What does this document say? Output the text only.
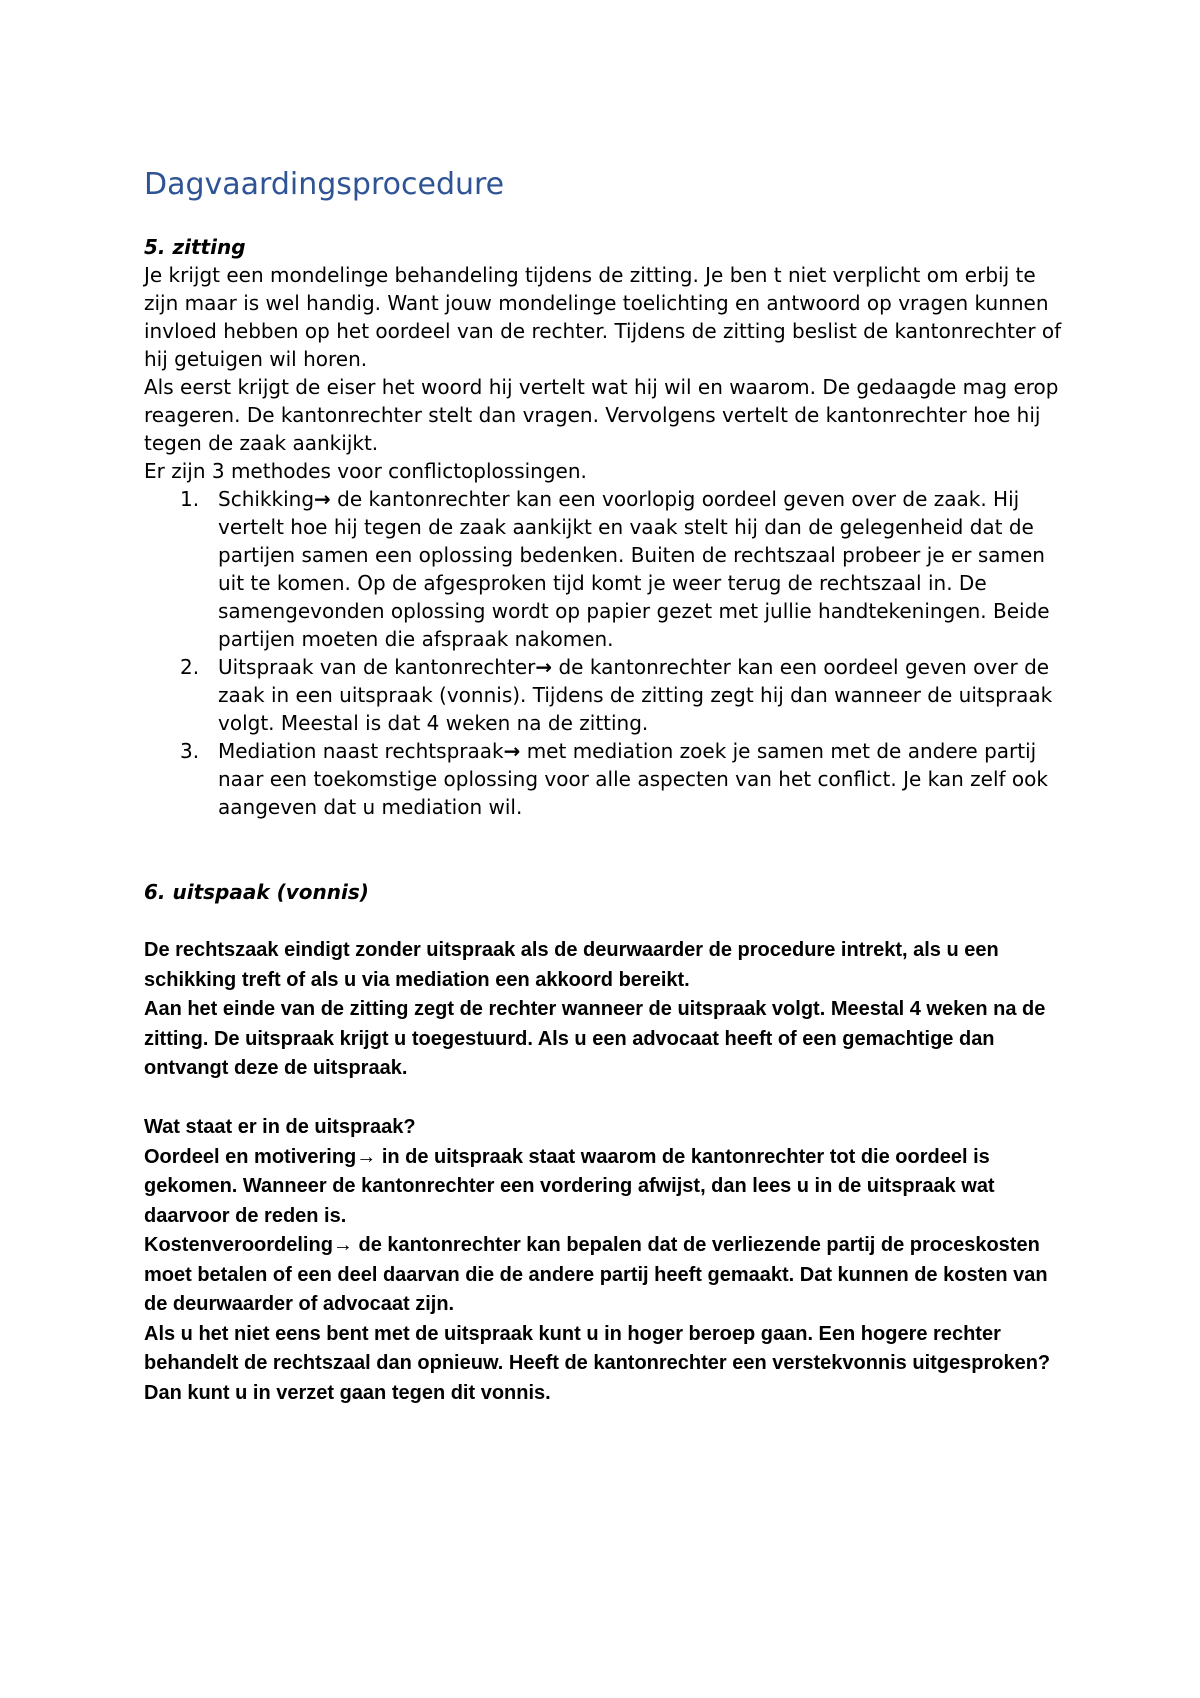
Dagvaardingsprocedure

5. zitting

Je krijgt een mondelinge behandeling tijdens de zitting. Je ben t niet verplicht om erbij te zijn maar is wel handig. Want jouw mondelinge toelichting en antwoord op vragen kunnen invloed hebben op het oordeel van de rechter. Tijdens de zitting beslist de kantonrechter of hij getuigen wil horen.

Als eerst krijgt de eiser het woord hij vertelt wat hij wil en waarom. De gedaagde mag erop reageren. De kantonrechter stelt dan vragen. Vervolgens vertelt de kantonrechter hoe hij tegen de zaak aankijkt.

Er zijn 3 methodes voor conflictoplossingen.

1. Schikking→ de kantonrechter kan een voorlopig oordeel geven over de zaak. Hij vertelt hoe hij tegen de zaak aankijkt en vaak stelt hij dan de gelegenheid dat de partijen samen een oplossing bedenken. Buiten de rechtszaal probeer je er samen uit te komen. Op de afgesproken tijd komt je weer terug de rechtszaal in. De samengevonden oplossing wordt op papier gezet met jullie handtekeningen. Beide partijen moeten die afspraak nakomen.
2. Uitspraak van de kantonrechter→ de kantonrechter kan een oordeel geven over de zaak in een uitspraak (vonnis). Tijdens de zitting zegt hij dan wanneer de uitspraak volgt. Meestal is dat 4 weken na de zitting.
3. Mediation naast rechtspraak→ met mediation zoek je samen met de andere partij naar een toekomstige oplossing voor alle aspecten van het conflict. Je kan zelf ook aangeven dat u mediation wil.

6. uitspaak (vonnis)

De rechtszaak eindigt zonder uitspraak als de deurwaarder de procedure intrekt, als u een schikking treft of als u via mediation een akkoord bereikt.

Aan het einde van de zitting zegt de rechter wanneer de uitspraak volgt. Meestal 4 weken na de zitting. De uitspraak krijgt u toegestuurd. Als u een advocaat heeft of een gemachtige dan ontvangt deze de uitspraak.

Wat staat er in de uitspraak?

Oordeel en motivering→ in de uitspraak staat waarom de kantonrechter tot die oordeel is gekomen. Wanneer de kantonrechter een vordering afwijst, dan lees u in de uitspraak wat daarvoor de reden is.

Kostenveroordeling→ de kantonrechter kan bepalen dat de verliezende partij de proceskosten moet betalen of een deel daarvan die de andere partij heeft gemaakt. Dat kunnen de kosten van de deurwaarder of advocaat zijn.

Als u het niet eens bent met de uitspraak kunt u in hoger beroep gaan. Een hogere rechter behandelt de rechtszaal dan opnieuw. Heeft de kantonrechter een verstekvonnis uitgesproken? Dan kunt u in verzet gaan tegen dit vonnis.
